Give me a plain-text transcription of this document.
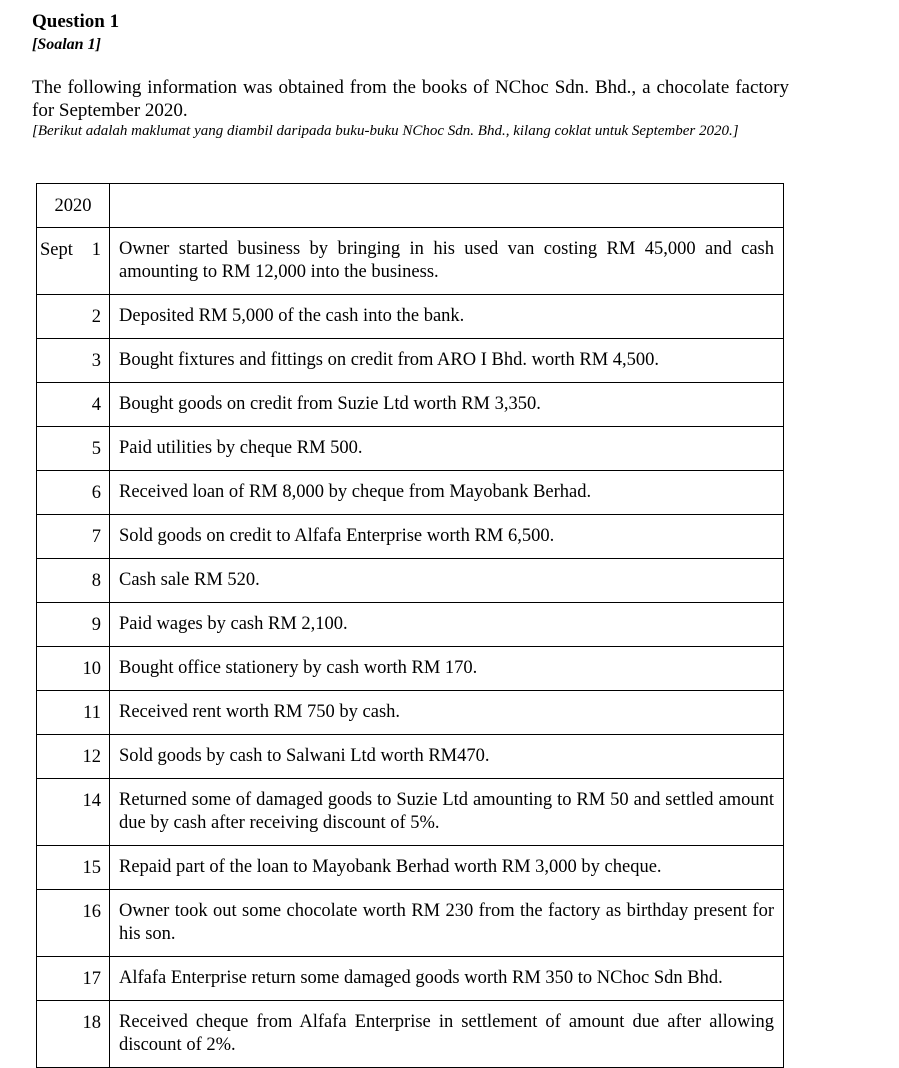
Question 1
[Soalan 1]

The following information was obtained from the books of NChoc Sdn. Bhd., a chocolate factory for September 2020.

[Berikut adalah maklumat yang diambil daripada buku-buku NChoc Sdn. Bhd., kilang coklat untuk September 2020.]

2020	

Sept 1	Owner started business by bringing in his used van costing RM 45,000 and cash amounting to RM 12,000 into the business.

2	Deposited RM 5,000 of the cash into the bank.

3	Bought fixtures and fittings on credit from ARO I Bhd. worth RM 4,500.

4	Bought goods on credit from Suzie Ltd worth RM 3,350.

5	Paid utilities by cheque RM 500.

6	Received loan of RM 8,000 by cheque from Mayobank Berhad.

7	Sold goods on credit to Alfafa Enterprise worth RM 6,500.

8	Cash sale RM 520.

9	Paid wages by cash RM 2,100.

10	Bought office stationery by cash worth RM 170.

11	Received rent worth RM 750 by cash.

12	Sold goods by cash to Salwani Ltd worth RM470.

14	Returned some of damaged goods to Suzie Ltd amounting to RM 50 and settled amount due by cash after receiving discount of 5%.

15	Repaid part of the loan to Mayobank Berhad worth RM 3,000 by cheque.

16	Owner took out some chocolate worth RM 230 from the factory as birthday present for his son.

17	Alfafa Enterprise return some damaged goods worth RM 350 to NChoc Sdn Bhd.

18	Received cheque from Alfafa Enterprise in settlement of amount due after allowing discount of 2%.
